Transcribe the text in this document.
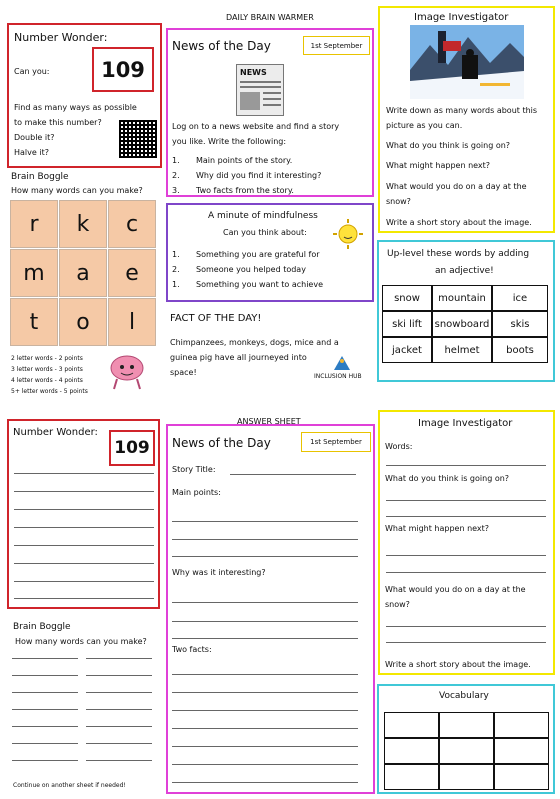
DAILY BRAIN WARMER
Number Wonder:
Can you:	109
Find as many ways as possible
to make this number?
Double it?
Halve it?
Brain Boggle
How many words can you make?
r	k	c
m	a	e
t	o	l
2 letter words - 2 points
3 letter words - 3 points
4 letter words - 4 points
5+ letter words - 5 points
News of the Day	1st September
NEWS
Log on to a news website and find a story
you like. Write the following:
1. Main points of the story.
2. Why did you find it interesting?
3. Two facts from the story.
A minute of mindfulness
Can you think about:
1. Something you are grateful for
2. Someone you helped today
1. Something you want to achieve
FACT OF THE DAY!
Chimpanzees, monkeys, dogs, mice and a
guinea pig have all journeyed into
space!	INCLUSION HUB
Image Investigator
Write down as many words about this
picture as you can.
What do you think is going on?
What might happen next?
What would you do on a day at the
snow?
Write a short story about the image.
Up-level these words by adding
an adjective!
snow	mountain	ice
ski lift	snowboard	skis
jacket	helmet	boots
ANSWER SHEET
Number Wonder:
109
Brain Boggle
How many words can you make?
Continue on another sheet if needed!
News of the Day	1st September
Story Title:
Main points:
Why was it interesting?
Two facts:
Image Investigator
Words:
What do you think is going on?
What might happen next?
What would you do on a day at the
snow?
Write a short story about the image.
Vocabulary
